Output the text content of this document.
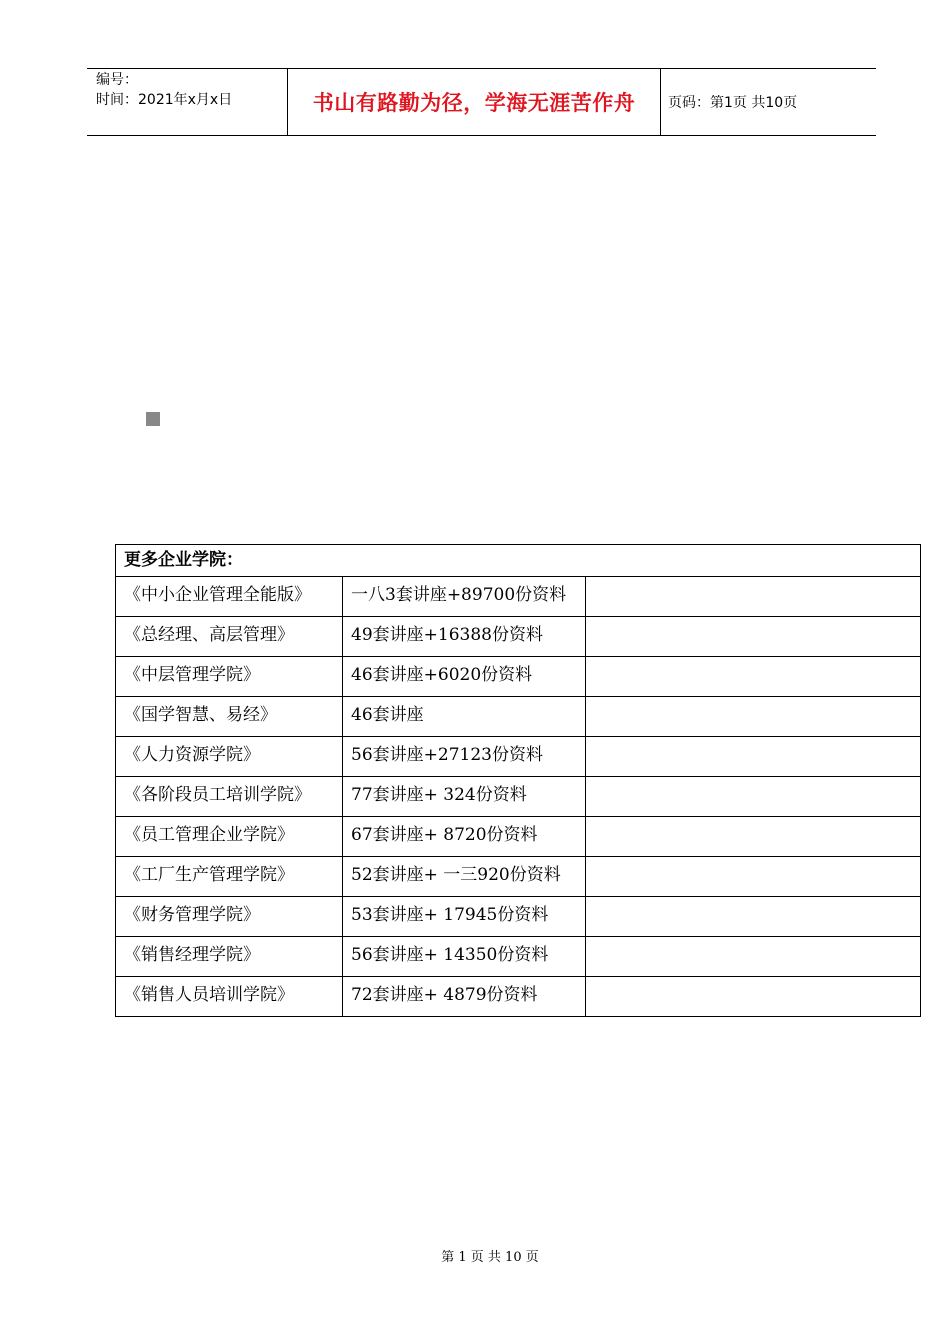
编号：
时间：2021年x月x日	书山有路勤为径，学海无涯苦作舟	页码：第1页 共10页
更多企业学院：		

《中小企业管理全能版》	一八3套讲座+89700份资料	

《总经理、高层管理》	49套讲座+16388份资料	

《中层管理学院》	46套讲座+6020份资料	

《国学智慧、易经》	46套讲座	

《人力资源学院》	56套讲座+27123份资料	

《各阶段员工培训学院》	77套讲座+ 324份资料	

《员工管理企业学院》	67套讲座+ 8720份资料	

《工厂生产管理学院》	52套讲座+ 一三920份资料	

《财务管理学院》	53套讲座+ 17945份资料	

《销售经理学院》	56套讲座+ 14350份资料	

《销售人员培训学院》	72套讲座+ 4879份资料	

第 1 页 共 10 页
